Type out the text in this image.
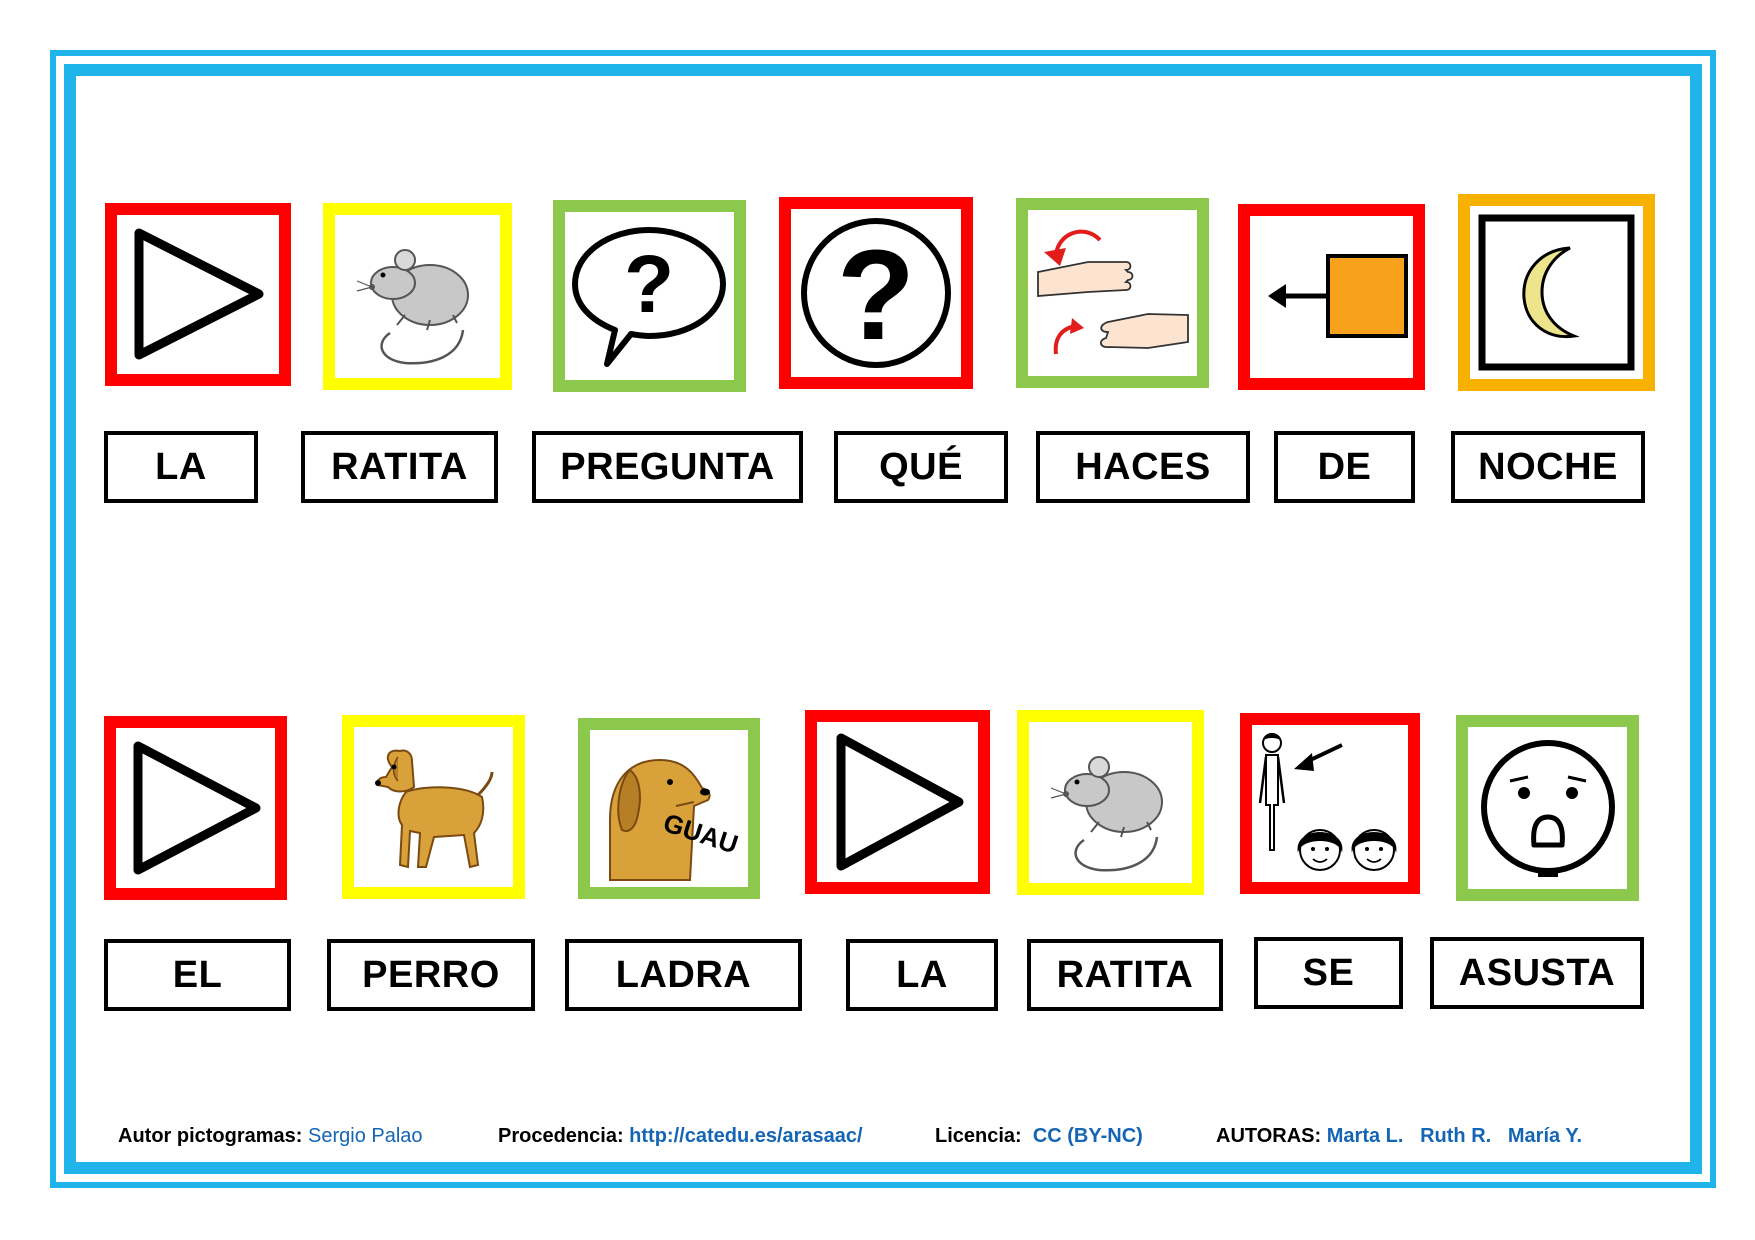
? ?
LA	RATITA	PREGUNTA	QUÉ	HACES	DE	NOCHE
GUAU
EL	PERRO	LADRA	LA	RATITA	SE	ASUSTA
Autor pictogramas: Sergio Palao	Procedencia: http://catedu.es/arasaac/	Licencia: CC (BY-NC)	AUTORAS: Marta L. Ruth R. María Y.
